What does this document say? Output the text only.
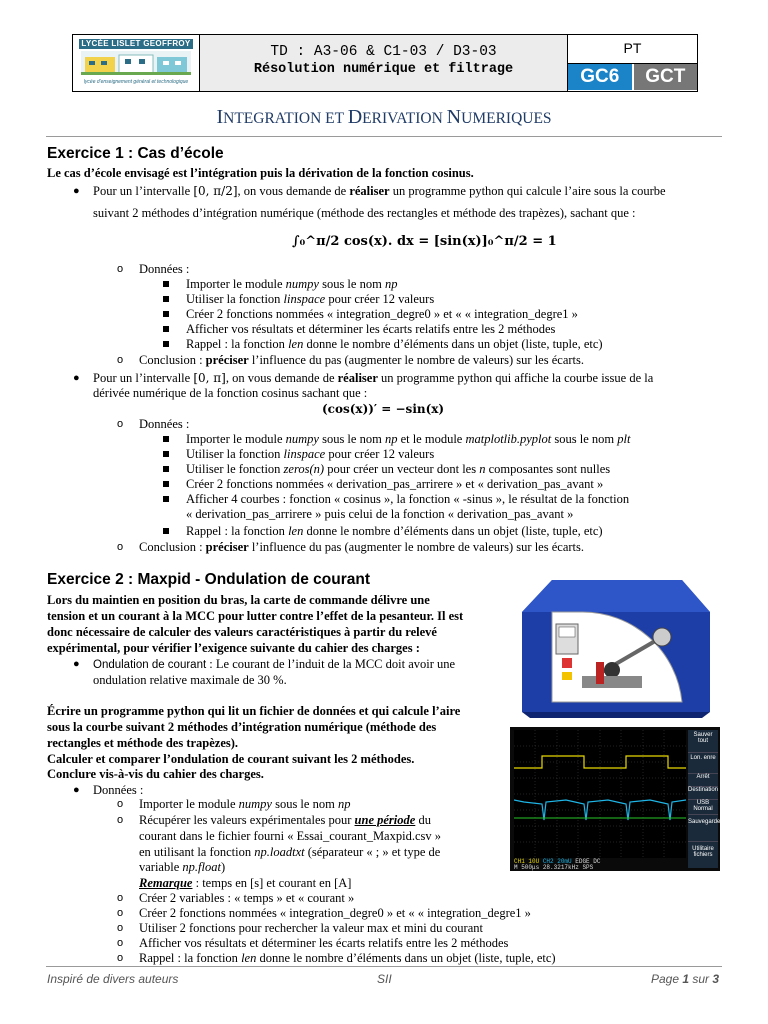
LYCÉE LISLET GEOFFROY
lycée d'enseignement général et technologique
TD : A3-06 & C1-03 / D3-03
Résolution numérique et filtrage
PT
GC6	GCT
INTEGRATION ET DERIVATION NUMERIQUES
Exercice 1 : Cas d’école
Le cas d’école envisagé est l’intégration puis la dérivation de la fonction cosinus.
● Pour un l’intervalle [0, π/2], on vous demande de réaliser un programme python qui calcule l’aire sous la courbe
suivant 2 méthodes d’intégration numérique (méthode des rectangles et méthode des trapèzes), sachant que :
∫₀^π/2 cos(x). dx = [sin(x)]₀^π/2 = 1
o Données :
Importer le module numpy sous le nom np
Utiliser la fonction linspace pour créer 12 valeurs
Créer 2 fonctions nommées « integration_degre0 » et « « integration_degre1 »
Afficher vos résultats et déterminer les écarts relatifs entre les 2 méthodes
Rappel : la fonction len donne le nombre d’éléments dans un objet (liste, tuple, etc)
o Conclusion : préciser l’influence du pas (augmenter le nombre de valeurs) sur les écarts.
● Pour un l’intervalle [0, π], on vous demande de réaliser un programme python qui affiche la courbe issue de la
dérivée numérique de la fonction cosinus sachant que :
(cos(x))′ = −sin(x)
o Données :
Importer le module numpy sous le nom np et le module matplotlib.pyplot sous le nom plt
Utiliser la fonction linspace pour créer 12 valeurs
Utiliser le fonction zeros(n) pour créer un vecteur dont les n composantes sont nulles
Créer 2 fonctions nommées « derivation_pas_arrirere » et « derivation_pas_avant »
Afficher 4 courbes : fonction « cosinus », la fonction « -sinus », le résultat de la fonction
« derivation_pas_arrirere » puis celui de la fonction « derivation_pas_avant »
Rappel : la fonction len donne le nombre d’éléments dans un objet (liste, tuple, etc)
o Conclusion : préciser l’influence du pas (augmenter le nombre de valeurs) sur les écarts.
Exercice 2 : Maxpid - Ondulation de courant
Lors du maintien en position du bras, la carte de commande délivre une
tension et un courant à la MCC pour lutter contre l’effet de la pesanteur. Il est
donc nécessaire de calculer des valeurs caractéristiques à partir du relevé
expérimental, pour vérifier l’exigence suivante du cahier des charges :
● Ondulation de courant : Le courant de l’induit de la MCC doit avoir une
ondulation relative maximale de 30 %.
Écrire un programme python qui lit un fichier de données et qui calcule l’aire
sous la courbe suivant 2 méthodes d’intégration numérique (méthode des
rectangles et méthode des trapèzes).
Calculer et comparer l’ondulation de courant suivant les 2 méthodes.
Conclure vis-à-vis du cahier des charges.
● Données :
o Importer le module numpy sous le nom np
o Récupérer les valeurs expérimentales pour une période du
courant dans le fichier fourni « Essai_courant_Maxpid.csv »
en utilisant la fonction np.loadtxt (séparateur « ; » et type de
variable np.float)
Remarque : temps en [s] et courant en [A]
o Créer 2 variables : « temps » et « courant »
o Créer 2 fonctions nommées « integration_degre0 » et « « integration_degre1 »
o Utiliser 2 fonctions pour rechercher la valeur max et mini du courant
o Afficher vos résultats et déterminer les écarts relatifs entre les 2 méthodes
o Rappel : la fonction len donne le nombre d’éléments dans un objet (liste, tuple, etc)
CH1 10U CH2 20mU EDGE DC
M 500μs 28.3217kHz SPS
Sauver tout
Lon. enre
Arrêt
Destination
USB Normal
Sauvegarde
Utilitaire fichiers
Inspiré de divers auteurs	SII	Page 1 sur 3
